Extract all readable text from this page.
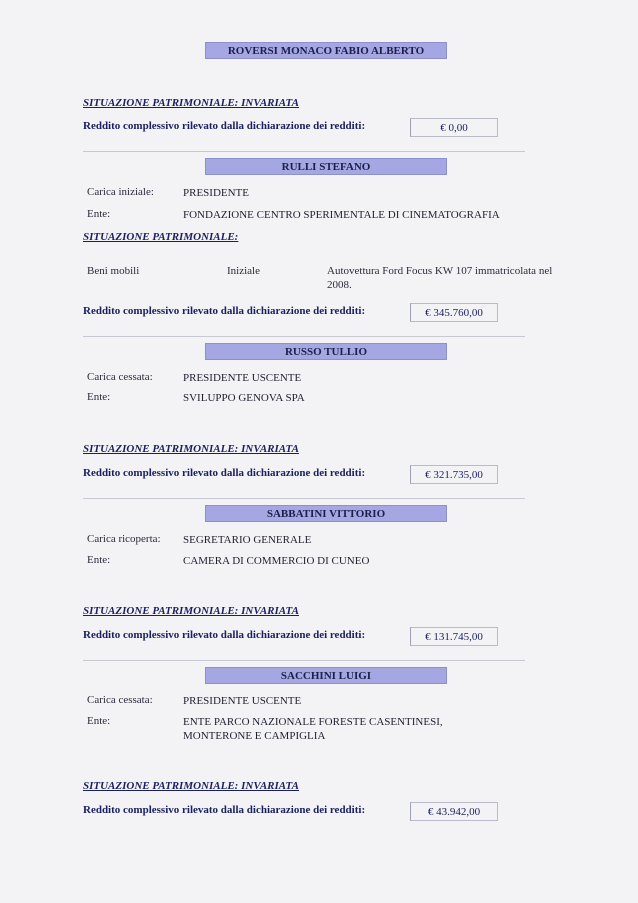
ROVERSI MONACO FABIO ALBERTO
SITUAZIONE PATRIMONIALE: INVARIATA
Reddito complessivo rilevato dalla dichiarazione dei redditi:	€ 0,00
RULLI STEFANO
Carica iniziale:	PRESIDENTE
Ente:	FONDAZIONE CENTRO SPERIMENTALE DI CINEMATOGRAFIA
SITUAZIONE PATRIMONIALE:
Beni mobili	Iniziale	Autovettura Ford Focus KW 107 immatricolata nel 2008.
Reddito complessivo rilevato dalla dichiarazione dei redditi:	€ 345.760,00
RUSSO TULLIO
Carica cessata:	PRESIDENTE USCENTE
Ente:	SVILUPPO GENOVA SPA
SITUAZIONE PATRIMONIALE: INVARIATA
Reddito complessivo rilevato dalla dichiarazione dei redditi:	€ 321.735,00
SABBATINI VITTORIO
Carica ricoperta: SEGRETARIO GENERALE
Ente:	CAMERA DI COMMERCIO DI CUNEO
SITUAZIONE PATRIMONIALE: INVARIATA
Reddito complessivo rilevato dalla dichiarazione dei redditi:	€ 131.745,00
SACCHINI LUIGI
Carica cessata:	PRESIDENTE USCENTE
Ente:	ENTE PARCO NAZIONALE FORESTE CASENTINESI, MONTERONE E CAMPIGLIA
SITUAZIONE PATRIMONIALE: INVARIATA
Reddito complessivo rilevato dalla dichiarazione dei redditi:	€ 43.942,00
